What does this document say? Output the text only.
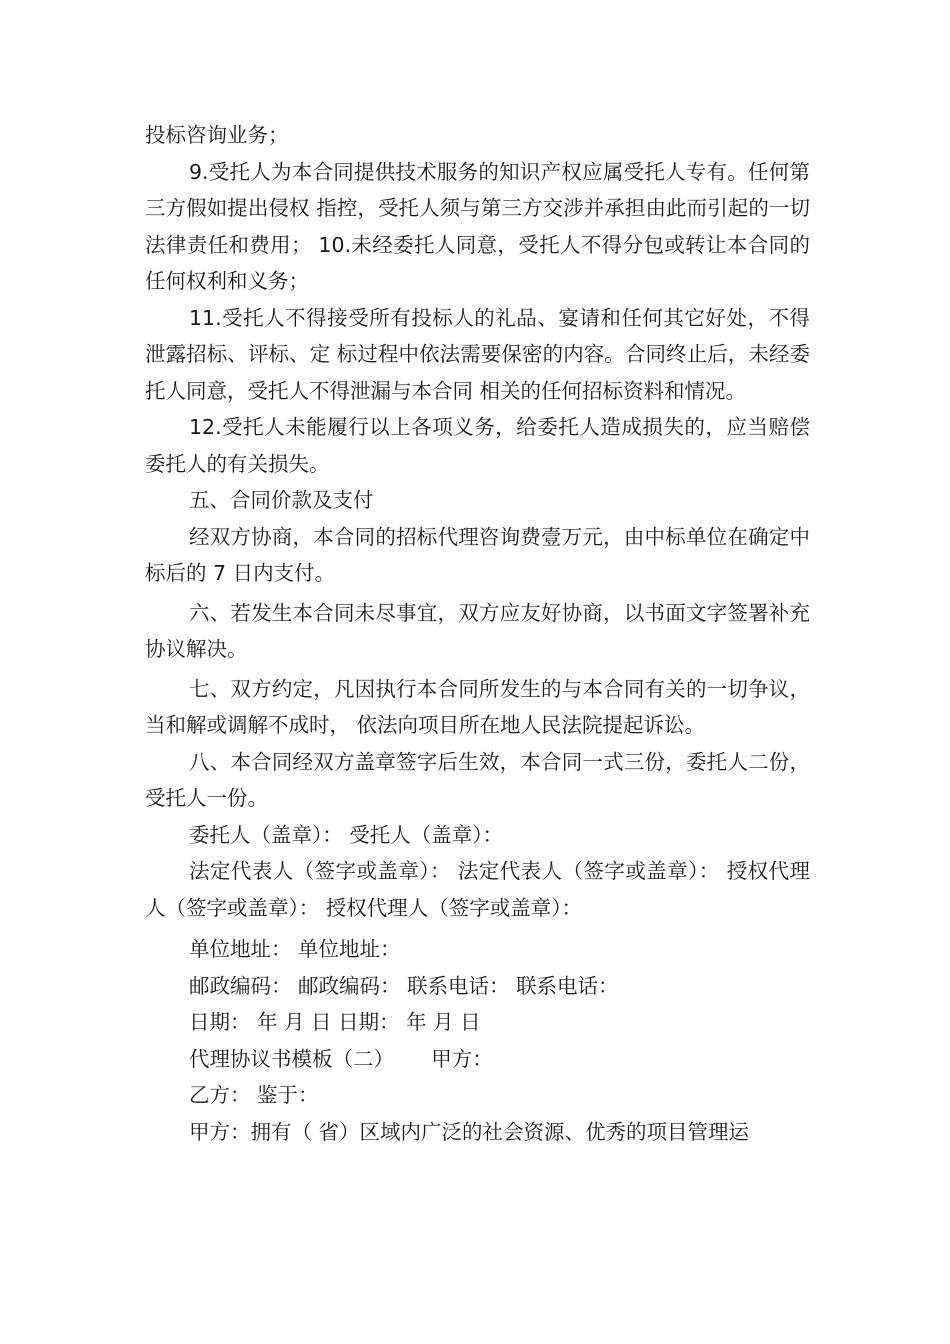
投标咨询业务；

9.受托人为本合同提供技术服务的知识产权应属受托人专有。任何第三方假如提出侵权 指控，受托人须与第三方交涉并承担由此而引起的一切法律责任和费用； 10.未经委托人同意，受托人不得分包或转让本合同的任何权利和义务；

11.受托人不得接受所有投标人的礼品、宴请和任何其它好处，不得泄露招标、评标、定 标过程中依法需要保密的内容。合同终止后，未经委托人同意，受托人不得泄漏与本合同 相关的任何招标资料和情况。

12.受托人未能履行以上各项义务，给委托人造成损失的，应当赔偿委托人的有关损失。

五、合同价款及支付

经双方协商，本合同的招标代理咨询费壹万元，由中标单位在确定中标后的 7 日内支付。

六、若发生本合同未尽事宜，双方应友好协商，以书面文字签署补充协议解决。

七、双方约定，凡因执行本合同所发生的与本合同有关的一切争议，当和解或调解不成时， 依法向项目所在地人民法院提起诉讼。

八、本合同经双方盖章签字后生效，本合同一式三份，委托人二份，受托人一份。

委托人（盖章）： 受托人（盖章）：

法定代表人（签字或盖章）： 法定代表人（签字或盖章）： 授权代理人（签字或盖章）： 授权代理人（签字或盖章）：

单位地址： 单位地址：

邮政编码： 邮政编码： 联系电话： 联系电话：

日期： 年 月 日 日期： 年 月 日

代理协议书模板（二）　　 甲方：

乙方： 鉴于：

甲方：拥有（ 省）区域内广泛的社会资源、优秀的项目管理运
